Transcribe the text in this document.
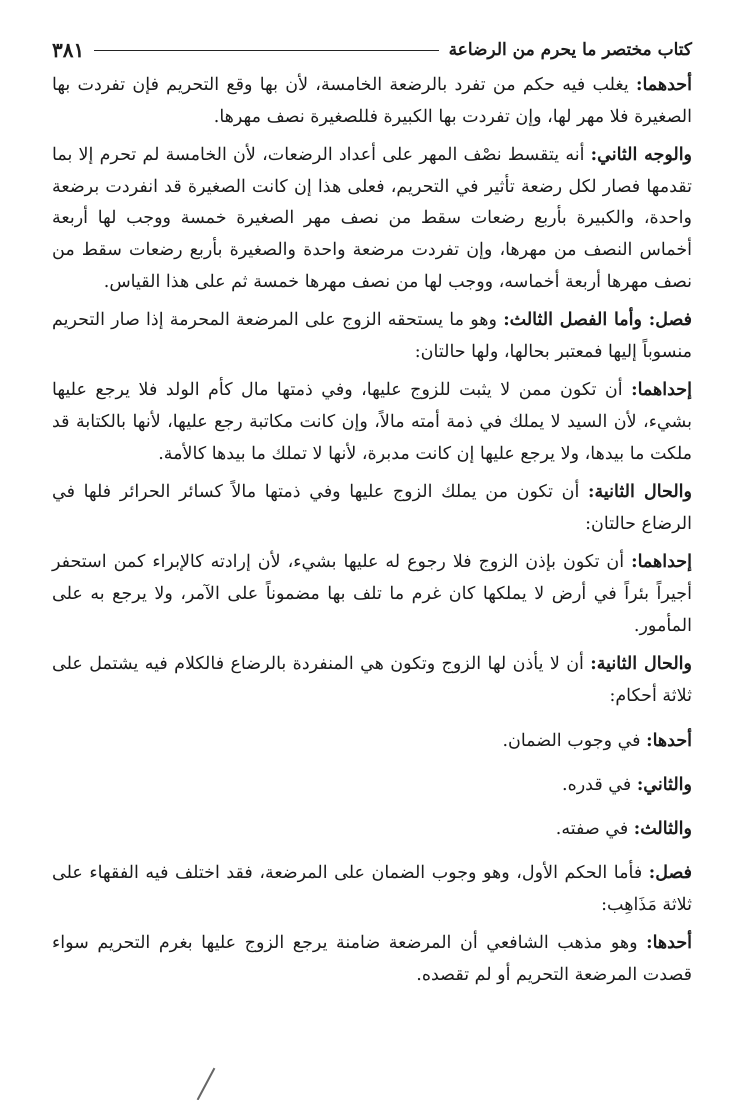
كتاب مختصر ما يحرم من الرضاعة
٣٨١

أحدهما: يغلب فيه حكم من تفرد بالرضعة الخامسة، لأن بها وقع التحريم فإن تفردت بها الصغيرة فلا مهر لها، وإن تفردت بها الكبيرة فللصغيرة نصف مهرها.

والوجه الثاني: أنه يتقسط نصْف المهر على أعداد الرضعات، لأن الخامسة لم تحرم إلا بما تقدمها فصار لكل رضعة تأثير في التحريم، فعلى هذا إن كانت الصغيرة قد انفردت برضعة واحدة، والكبيرة بأربع رضعات سقط من نصف مهر الصغيرة خمسة ووجب لها أربعة أخماس النصف من مهرها، وإن تفردت مرضعة واحدة والصغيرة بأربع رضعات سقط من نصف مهرها أربعة أخماسه، ووجب لها من نصف مهرها خمسة ثم على هذا القياس.

فصل: وأما الفصل الثالث: وهو ما يستحقه الزوج على المرضعة المحرمة إذا صار التحريم منسوباً إليها فمعتبر بحالها، ولها حالتان:

إحداهما: أن تكون ممن لا يثبت للزوج عليها، وفي ذمتها مال كأم الولد فلا يرجع عليها بشيء، لأن السيد لا يملك في ذمة أمته مالاً، وإن كانت مكاتبة رجع عليها، لأنها بالكتابة قد ملكت ما بيدها، ولا يرجع عليها إن كانت مدبرة، لأنها لا تملك ما بيدها كالأمة.

والحال الثانية: أن تكون من يملك الزوج عليها وفي ذمتها مالاً كسائر الحرائر فلها في الرضاع حالتان:

إحداهما: أن تكون بإذن الزوج فلا رجوع له عليها بشيء، لأن إرادته كالإبراء كمن استحفر أجيراً بئراً في أرض لا يملكها كان غرم ما تلف بها مضموناً على الآمر، ولا يرجع به على المأمور.

والحال الثانية: أن لا يأذن لها الزوج وتكون هي المنفردة بالرضاع فالكلام فيه يشتمل على ثلاثة أحكام:

أحدها: في وجوب الضمان.

والثاني: في قدره.

والثالث: في صفته.

فصل: فأما الحكم الأول، وهو وجوب الضمان على المرضعة، فقد اختلف فيه الفقهاء على ثلاثة مَذَاهِب:

أحدها: وهو مذهب الشافعي أن المرضعة ضامنة يرجع الزوج عليها بغرم التحريم سواء قصدت المرضعة التحريم أو لم تقصده.
